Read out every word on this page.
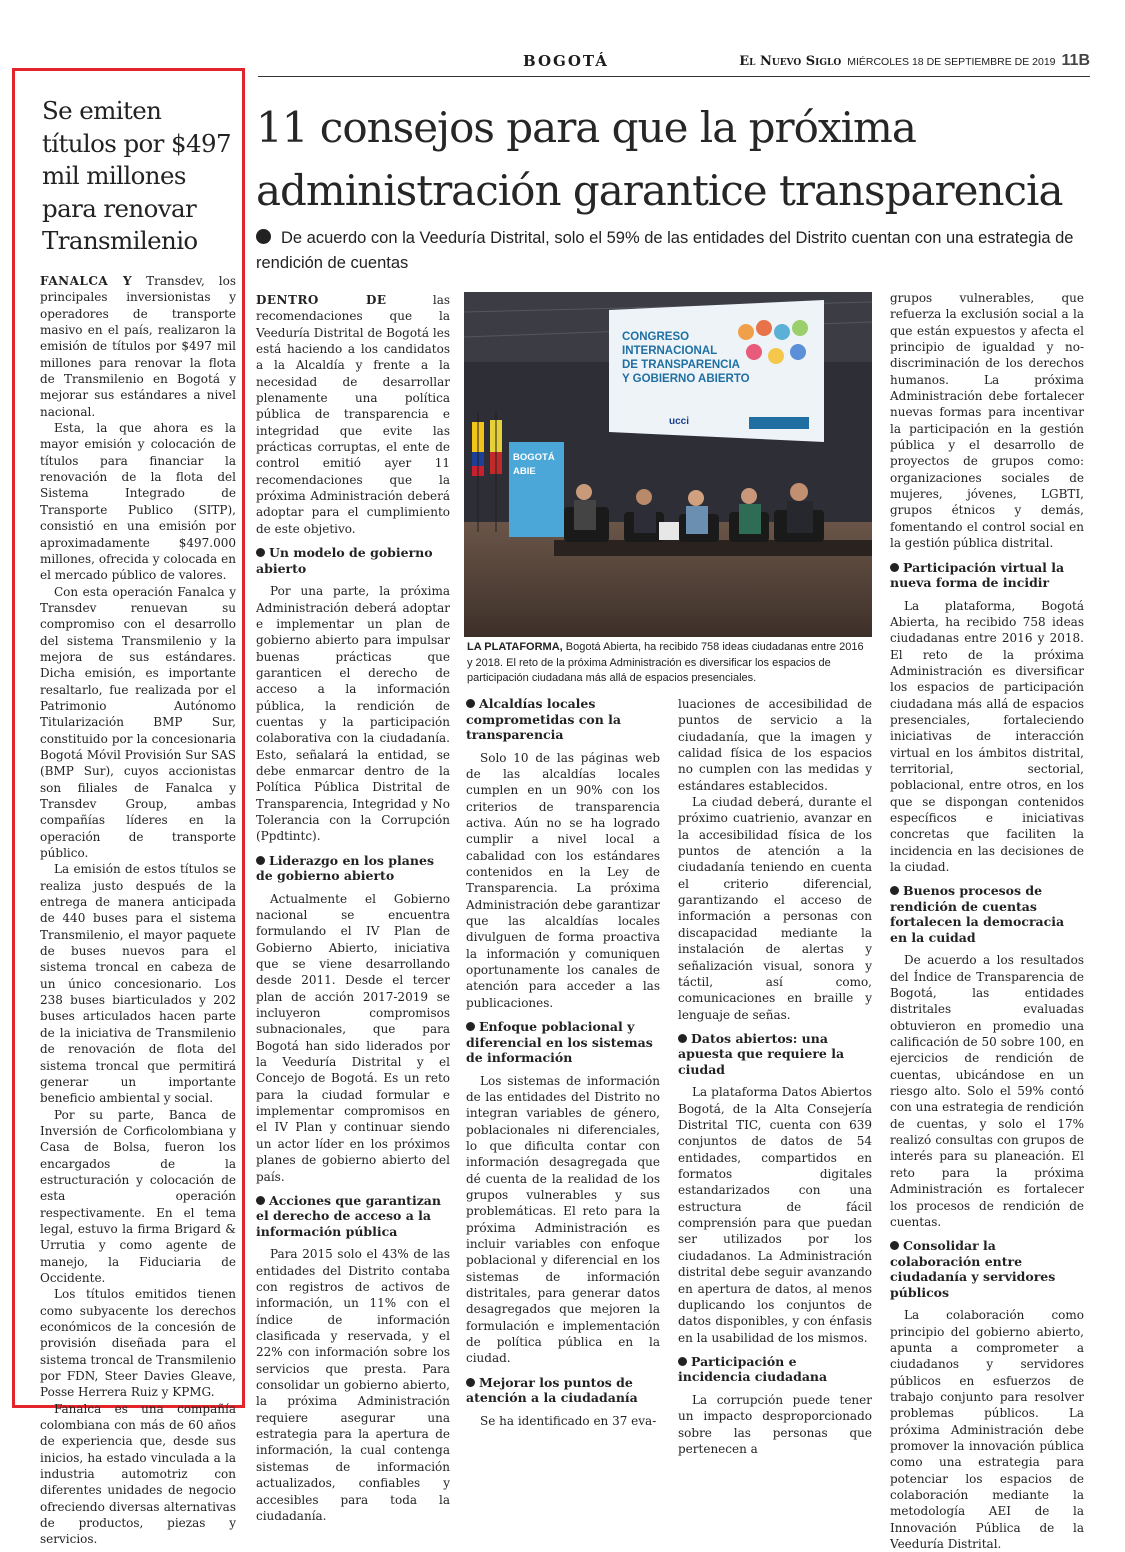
BOGOTÁ	El Nuevo Siglo MIÉRCOLES 18 DE SEPTIEMBRE DE 2019 11B
Se emiten títulos por $497 mil millones para renovar Transmilenio

FANALCA Y Transdev, los principales inversionistas y operadores de transporte masivo en el país, realizaron la emisión de títulos por $497 mil millones para renovar la flota de Transmilenio en Bogotá y mejorar sus estándares a nivel nacional.

Esta, la que ahora es la mayor emisión y colocación de títulos para financiar la renovación de la flota del Sistema Integrado de Transporte Publico (SITP), consistió en una emisión por aproximadamente $497.000 millones, ofrecida y colocada en el mercado público de valores.

Con esta operación Fanalca y Transdev renuevan su compromiso con el desarrollo del sistema Transmilenio y la mejora de sus estándares. Dicha emisión, es importante resaltarlo, fue realizada por el Patrimonio Autónomo Titularización BMP Sur, constituido por la concesionaria Bogotá Móvil Provisión Sur SAS (BMP Sur), cuyos accionistas son filiales de Fanalca y Transdev Group, ambas compañías líderes en la operación de transporte público.

La emisión de estos títulos se realiza justo después de la entrega de manera anticipada de 440 buses para el sistema Transmilenio, el mayor paquete de buses nuevos para el sistema troncal en cabeza de un único concesionario. Los 238 buses biarticulados y 202 buses articulados hacen parte de la iniciativa de Transmilenio de renovación de flota del sistema troncal que permitirá generar un importante beneficio ambiental y social.

Por su parte, Banca de Inversión de Corficolombiana y Casa de Bolsa, fueron los encargados de la estructuración y colocación de esta operación respectivamente. En el tema legal, estuvo la firma Brigard & Urrutia y como agente de manejo, la Fiduciaria de Occidente.

Los títulos emitidos tienen como subyacente los derechos económicos de la concesión de provisión diseñada para el sistema troncal de Transmilenio por FDN, Steer Davies Gleave, Posse Herrera Ruiz y KPMG.

Fanalca es una compañía colombiana con más de 60 años de experiencia que, desde sus inicios, ha estado vinculada a la industria automotriz con diferentes unidades de negocio ofreciendo diversas alternativas de productos, piezas y servicios.

11 consejos para que la próxima administración garantice transparencia
De acuerdo con la Veeduría Distrital, solo el 59% de las entidades del Distrito cuentan con una estrategia de rendición de cuentas

DENTRO DE las recomendaciones que la Veeduría Distrital de Bogotá les está haciendo a los candidatos a la Alcaldía y frente a la necesidad de desarrollar plenamente una política pública de transparencia e integridad que evite las prácticas corruptas, el ente de control emitió ayer 11 recomendaciones que la próxima Administración deberá adoptar para el cumplimiento de este objetivo.

Un modelo de gobierno abierto

Por una parte, la próxima Administración deberá adoptar e implementar un plan de gobierno abierto para impulsar buenas prácticas que garanticen el derecho de acceso a la información pública, la rendición de cuentas y la participación colaborativa con la ciudadanía. Esto, señalará la entidad, se debe enmarcar dentro de la Política Pública Distrital de Transparencia, Integridad y No Tolerancia con la Corrupción (Ppdtintc).

Liderazgo en los planes de gobierno abierto

Actualmente el Gobierno nacional se encuentra formulando el IV Plan de Gobierno Abierto, iniciativa que se viene desarrollando desde 2011. Desde el tercer plan de acción 2017-2019 se incluyeron compromisos subnacionales, que para Bogotá han sido liderados por la Veeduría Distrital y el Concejo de Bogotá. Es un reto para la ciudad formular e implementar compromisos en el IV Plan y continuar siendo un actor líder en los próximos planes de gobierno abierto del país.

Acciones que garantizan el derecho de acceso a la información pública

Para 2015 solo el 43% de las entidades del Distrito contaba con registros de activos de información, un 11% con el índice de información clasificada y reservada, y el 22% con información sobre los servicios que presta. Para consolidar un gobierno abierto, la próxima Administración requiere asegurar una estrategia para la apertura de información, la cual contenga sistemas de información actualizados, confiables y accesibles para toda la ciudadanía.

CONGRESO
INTERNACIONAL
DE TRANSPARENCIA
Y GOBIERNO ABIERTO
ucci
BOGOTÁ
ABIE
LA PLATAFORMA, Bogotá Abierta, ha recibido 758 ideas ciudadanas entre 2016 y 2018. El reto de la próxima Administración es diversificar los espacios de participación ciudadana más allá de espacios presenciales.
Alcaldías locales comprometidas con la transparencia

Solo 10 de las páginas web de las alcaldías locales cumplen en un 90% con los criterios de transparencia activa. Aún no se ha logrado cumplir a nivel local a cabalidad con los estándares contenidos en la Ley de Transparencia. La próxima Administración debe garantizar que las alcaldías locales divulguen de forma proactiva la información y comuniquen oportunamente los canales de atención para acceder a las publicaciones.

Enfoque poblacional y diferencial en los sistemas de información

Los sistemas de información de las entidades del Distrito no integran variables de género, poblacionales ni diferenciales, lo que dificulta contar con información desagregada que dé cuenta de la realidad de los grupos vulnerables y sus problemáticas. El reto para la próxima Administración es incluir variables con enfoque poblacional y diferencial en los sistemas de información distritales, para generar datos desagregados que mejoren la formulación e implementación de política pública en la ciudad.

Mejorar los puntos de atención a la ciudadanía

Se ha identificado en 37 eva-

luaciones de accesibilidad de puntos de servicio a la ciudadanía, que la imagen y calidad física de los espacios no cumplen con las medidas y estándares establecidos.

La ciudad deberá, durante el próximo cuatrienio, avanzar en la accesibilidad física de los puntos de atención a la ciudadanía teniendo en cuenta el criterio diferencial, garantizando el acceso de información a personas con discapacidad mediante la instalación de alertas y señalización visual, sonora y táctil, así como, comunicaciones en braille y lenguaje de señas.

Datos abiertos: una apuesta que requiere la ciudad

La plataforma Datos Abiertos Bogotá, de la Alta Consejería Distrital TIC, cuenta con 639 conjuntos de datos de 54 entidades, compartidos en formatos digitales estandarizados con una estructura de fácil comprensión para que puedan ser utilizados por los ciudadanos. La Administración distrital debe seguir avanzando en apertura de datos, al menos duplicando los conjuntos de datos disponibles, y con énfasis en la usabilidad de los mismos.

Participación e incidencia ciudadana

La corrupción puede tener un impacto desproporcionado sobre las personas que pertenecen a

grupos vulnerables, que refuerza la exclusión social a la que están expuestos y afecta el principio de igualdad y no-discriminación de los derechos humanos. La próxima Administración debe fortalecer nuevas formas para incentivar la participación en la gestión pública y el desarrollo de proyectos de grupos como: organizaciones sociales de mujeres, jóvenes, LGBTI, grupos étnicos y demás, fomentando el control social en la gestión pública distrital.

Participación virtual la nueva forma de incidir

La plataforma, Bogotá Abierta, ha recibido 758 ideas ciudadanas entre 2016 y 2018. El reto de la próxima Administración es diversificar los espacios de participación ciudadana más allá de espacios presenciales, fortaleciendo iniciativas de interacción virtual en los ámbitos distrital, territorial, sectorial, poblacional, entre otros, en los que se dispongan contenidos específicos e iniciativas concretas que faciliten la incidencia en las decisiones de la ciudad.

Buenos procesos de rendición de cuentas fortalecen la democracia en la cuidad

De acuerdo a los resultados del Índice de Transparencia de Bogotá, las entidades distritales evaluadas obtuvieron en promedio una calificación de 50 sobre 100, en ejercicios de rendición de cuentas, ubicándose en un riesgo alto. Solo el 59% contó con una estrategia de rendición de cuentas, y solo el 17% realizó consultas con grupos de interés para su planeación. El reto para la próxima Administración es fortalecer los procesos de rendición de cuentas.

Consolidar la colaboración entre ciudadanía y servidores públicos

La colaboración como principio del gobierno abierto, apunta a comprometer a ciudadanos y servidores públicos en esfuerzos de trabajo conjunto para resolver problemas públicos. La próxima Administración debe promover la innovación pública como una estrategia para potenciar los espacios de colaboración mediante la metodología AEI de la Innovación Pública de la Veeduría Distrital.
